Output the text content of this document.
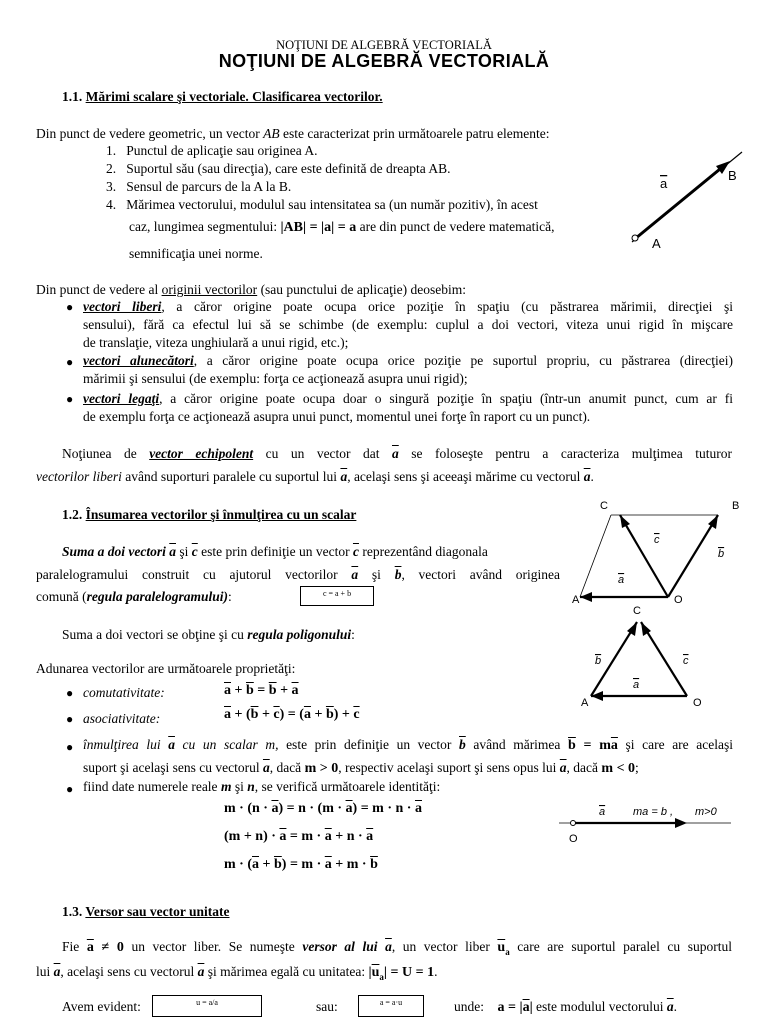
NOŢIUNI DE ALGEBRĂ VECTORIALĂ
NOŢIUNI DE ALGEBRĂ VECTORIALĂ
1.1. Mărimi scalare şi vectoriale. Clasificarea vectorilor.
Din punct de vedere geometric, un vector AB este caracterizat prin următoarele patru elemente:
1.   Punctul de aplicaţie sau originea A.
2.   Suportul său (sau direcţia), care este definită de dreapta AB.
3.   Sensul de parcurs de la A la B.
4.   Mărimea vectorului, modulul sau intensitatea sa (un număr pozitiv), în acest
caz, lungimea segmentului: |AB| = |a| = a are din punct de vedere matematică,
semnificaţia unei norme.
a
B
A
Din punct de vedere al originii vectorilor (sau punctului de aplicaţie) deosebim:
● vectori liberi, a căror origine poate ocupa orice poziţie în spaţiu (cu păstrarea mărimii, direcţiei şi
sensului), fără ca efectul lui să se schimbe (de exemplu: cuplul a doi vectori, viteza unui rigid în mişcare
de translaţie, viteza unghiulară a unui rigid, etc.);
● vectori alunecători, a căror origine poate ocupa orice poziţie pe suportul propriu, cu păstrarea (direcţiei)
mărimii şi sensului (de exemplu: forţa ce acţionează asupra unui rigid);
● vectori legaţi, a căror origine poate ocupa doar o singură poziţie în spaţiu (într-un anumit punct, cum ar fi
de exemplu forţa ce acţionează asupra unui punct, momentul unei forţe în raport cu un punct).
Noţiunea de vector echipolent cu un vector dat $\overline{a}$ se foloseşte pentru a caracteriza mulţimea tuturor
vectorilor liberi având suporturi paralele cu suportul lui $\overline{a}$, acelaşi sens şi aceeaşi mărime cu vectorul $\overline{a}$.
1.2. Însumarea vectorilor şi înmulţirea cu un scalar
Suma a doi vectori $\overline{a}$ şi $\overline{c}$ este prin definiţie un vector $\overline{c}$ reprezentând diagonala
paralelogramului construit cu ajutorul vectorilor $\overline{a}$ şi $\overline{b}$, vectori având originea
comună (regula paralelogramului):	c = a + b
C	B
A	O
a
b
c
Suma a doi vectori se obţine şi cu regula poligonului:
C
A	O
b	c
a
Adunarea vectorilor are următoarele proprietăţi:
● comutativitate:	$\overline{a} + \overline{b} = \overline{b} + \overline{a}$
● asociativitate:	$\overline{a} + (\overline{b} + \overline{c}) = (\overline{a} + \overline{b}) + \overline{c}$
● înmulţirea lui $\overline{a}$ cu un scalar m, este prin definiţie un vector $\overline{b}$ având mărimea $\overline{b} = m\overline{a}$ şi care are acelaşi
suport şi acelaşi sens cu vectorul $\overline{a}$, dacă m > 0, respectiv acelaşi suport şi sens opus lui $\overline{a}$, dacă m < 0;
● fiind date numerele reale m şi n, se verifică următoarele identităţi:
$m \cdot (n \cdot \overline{a}) = n \cdot (m \cdot \overline{a}) = m \cdot n \cdot \overline{a}$
$(m + n) \cdot \overline{a} = m \cdot \overline{a} + n \cdot \overline{a}$
$m \cdot (\overline{a} + \overline{b}) = m \cdot \overline{a} + m \cdot \overline{b}$
O
a	ma = b , m>0
1.3. Versor sau vector unitate
Fie $\overline{a} \ne 0$ un vector liber. Se numeşte versor al lui $\overline{a}$, un vector liber $\overline{u}_a$ care are suportul paralel cu suportul
lui $\overline{a}$, acelaşi sens cu vectorul $\overline{a}$ şi mărimea egală cu unitatea: $|\overline{u}_a| = U = 1$.
Avem evident:	u = a/a	sau:	a = a·u	unde: $a = |\overline{a}|$ este modulul vectorului $\overline{a}$.
